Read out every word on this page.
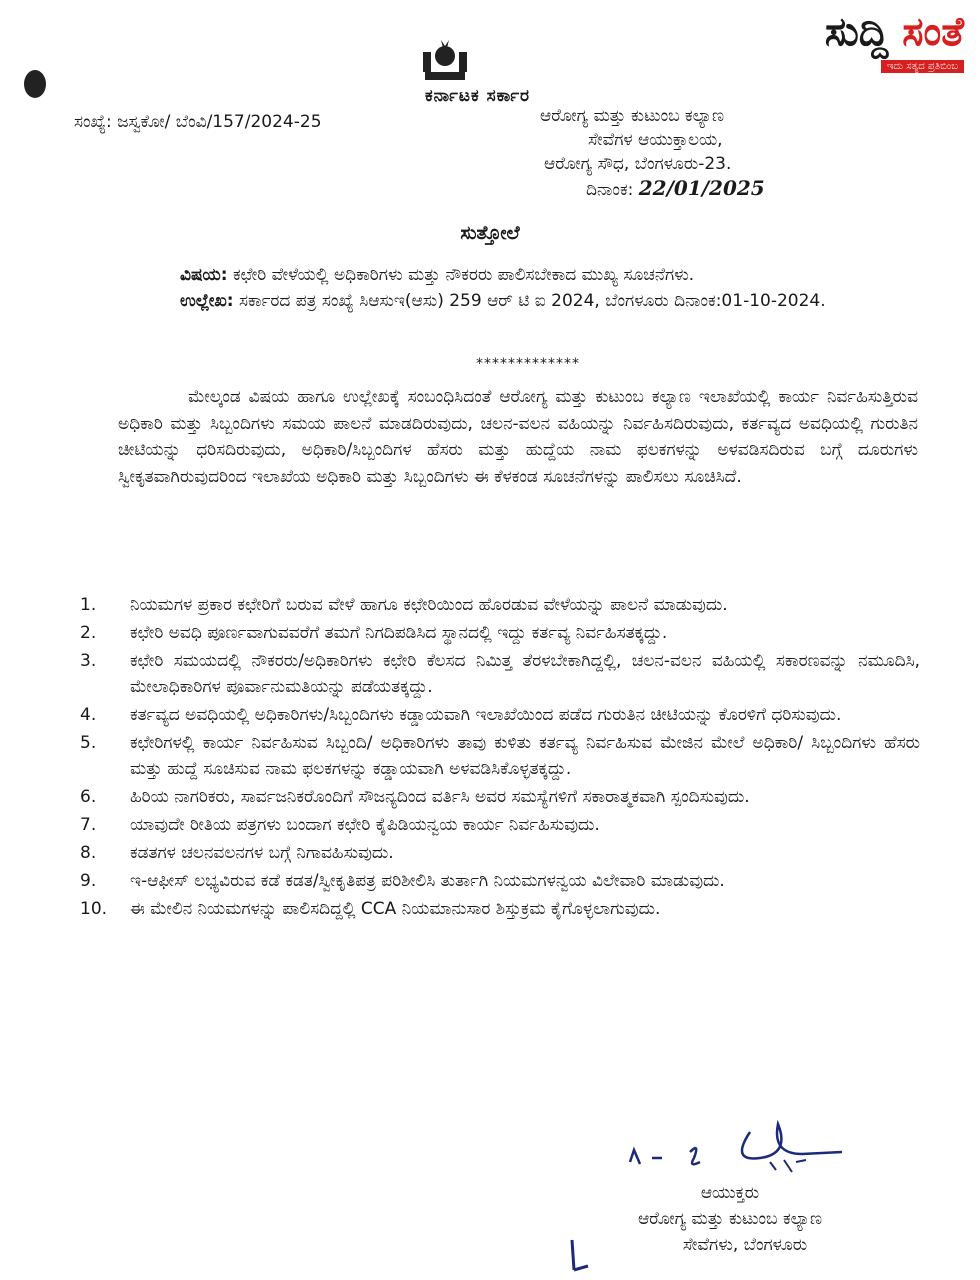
ಕರ್ನಾಟಕ ಸರ್ಕಾರ
ಸುದ್ದಿ ಸಂತೆ
ಇದು ಸತ್ಯದ ಪ್ರತಿಬಿಂಬ
ಸಂಖ್ಯೆ: ಜಸ್ವಕೋ/ ಬೆಂವಿ/157/2024-25	ಆರೋಗ್ಯ ಮತ್ತು ಕುಟುಂಬ ಕಲ್ಯಾಣ
ಸೇವೆಗಳ ಆಯುಕ್ತಾಲಯ,
ಆರೋಗ್ಯ ಸೌಧ, ಬೆಂಗಳೂರು-23.
ದಿನಾಂಕ: 22/01/2025
ಸುತ್ತೋಲೆ
ವಿಷಯ: ಕಛೇರಿ ವೇಳೆಯಲ್ಲಿ ಅಧಿಕಾರಿಗಳು ಮತ್ತು ನೌಕರರು ಪಾಲಿಸಬೇಕಾದ ಮುಖ್ಯ ಸೂಚನೆಗಳು.
ಉಲ್ಲೇಖ: ಸರ್ಕಾರದ ಪತ್ರ ಸಂಖ್ಯೆ ಸಿಆಸುಇ(ಆಸು) 259 ಆರ್ ಟಿ ಐ 2024, ಬೆಂಗಳೂರು ದಿನಾಂಕ:01-10-2024.
*************
ಮೇಲ್ಕಂಡ ವಿಷಯ ಹಾಗೂ ಉಲ್ಲೇಖಕ್ಕೆ ಸಂಬಂಧಿಸಿದಂತೆ ಆರೋಗ್ಯ ಮತ್ತು ಕುಟುಂಬ ಕಲ್ಯಾಣ ಇಲಾಖೆಯಲ್ಲಿ ಕಾರ್ಯ ನಿರ್ವಹಿಸುತ್ತಿರುವ ಅಧಿಕಾರಿ ಮತ್ತು ಸಿಬ್ಬಂದಿಗಳು ಸಮಯ ಪಾಲನೆ ಮಾಡದಿರುವುದು, ಚಲನ-ವಲನ ವಹಿಯನ್ನು ನಿರ್ವಹಿಸದಿರುವುದು, ಕರ್ತವ್ಯದ ಅವಧಿಯಲ್ಲಿ ಗುರುತಿನ ಚೀಟಿಯನ್ನು ಧರಿಸದಿರುವುದು, ಅಧಿಕಾರಿ/ಸಿಬ್ಬಂದಿಗಳ ಹೆಸರು ಮತ್ತು ಹುದ್ದೆಯ ನಾಮ ಫಲಕಗಳನ್ನು ಅಳವಡಿಸದಿರುವ ಬಗ್ಗೆ ದೂರುಗಳು ಸ್ವೀಕೃತವಾಗಿರುವುದರಿಂದ ಇಲಾಖೆಯ ಅಧಿಕಾರಿ ಮತ್ತು ಸಿಬ್ಬಂದಿಗಳು ಈ ಕೆಳಕಂಡ ಸೂಚನೆಗಳನ್ನು ಪಾಲಿಸಲು ಸೂಚಿಸಿದೆ.
1.	ನಿಯಮಗಳ ಪ್ರಕಾರ ಕಛೇರಿಗೆ ಬರುವ ವೇಳೆ ಹಾಗೂ ಕಛೇರಿಯಿಂದ ಹೊರಡುವ ವೇಳೆಯನ್ನು ಪಾಲನೆ ಮಾಡುವುದು.
2.	ಕಛೇರಿ ಅವಧಿ ಪೂರ್ಣವಾಗುವವರೆಗೆ ತಮಗೆ ನಿಗದಿಪಡಿಸಿದ ಸ್ಥಾನದಲ್ಲಿ ಇದ್ದು ಕರ್ತವ್ಯ ನಿರ್ವಹಿಸತಕ್ಕದ್ದು.
3.	ಕಛೇರಿ ಸಮಯದಲ್ಲಿ ನೌಕರರು/ಅಧಿಕಾರಿಗಳು ಕಛೇರಿ ಕೆಲಸದ ನಿಮಿತ್ತ ತೆರಳಬೇಕಾಗಿದ್ದಲ್ಲಿ, ಚಲನ-ವಲನ ವಹಿಯಲ್ಲಿ ಸಕಾರಣವನ್ನು ನಮೂದಿಸಿ, ಮೇಲಾಧಿಕಾರಿಗಳ ಪೂರ್ವಾನುಮತಿಯನ್ನು ಪಡೆಯತಕ್ಕದ್ದು.
4.	ಕರ್ತವ್ಯದ ಅವಧಿಯಲ್ಲಿ ಅಧಿಕಾರಿಗಳು/ಸಿಬ್ಬಂದಿಗಳು ಕಡ್ಡಾಯವಾಗಿ ಇಲಾಖೆಯಿಂದ ಪಡೆದ ಗುರುತಿನ ಚೀಟಿಯನ್ನು ಕೊರಳಿಗೆ ಧರಿಸುವುದು.
5.	ಕಛೇರಿಗಳಲ್ಲಿ ಕಾರ್ಯ ನಿರ್ವಹಿಸುವ ಸಿಬ್ಬಂದಿ/ ಅಧಿಕಾರಿಗಳು ತಾವು ಕುಳಿತು ಕರ್ತವ್ಯ ನಿರ್ವಹಿಸುವ ಮೇಜಿನ ಮೇಲೆ ಅಧಿಕಾರಿ/ ಸಿಬ್ಬಂದಿಗಳು ಹೆಸರು ಮತ್ತು ಹುದ್ದೆ ಸೂಚಿಸುವ ನಾಮ ಫಲಕಗಳನ್ನು ಕಡ್ಡಾಯವಾಗಿ ಅಳವಡಿಸಿಕೊಳ್ಳತಕ್ಕದ್ದು.
6.	ಹಿರಿಯ ನಾಗರಿಕರು, ಸಾರ್ವಜನಿಕರೊಂದಿಗೆ ಸೌಜನ್ಯದಿಂದ ವರ್ತಿಸಿ ಅವರ ಸಮಸ್ಯೆಗಳಿಗೆ ಸಕಾರಾತ್ಮಕವಾಗಿ ಸ್ಪಂದಿಸುವುದು.
7.	ಯಾವುದೇ ರೀತಿಯ ಪತ್ರಗಳು ಬಂದಾಗ ಕಛೇರಿ ಕೈಪಿಡಿಯನ್ವಯ ಕಾರ್ಯ ನಿರ್ವಹಿಸುವುದು.
8.	ಕಡತಗಳ ಚಲನವಲನಗಳ ಬಗ್ಗೆ ನಿಗಾವಹಿಸುವುದು.
9.	ಇ-ಆಫೀಸ್ ಲಭ್ಯವಿರುವ ಕಡೆ ಕಡತ/ಸ್ವೀಕೃತಿಪತ್ರ ಪರಿಶೀಲಿಸಿ ತುರ್ತಾಗಿ ನಿಯಮಗಳನ್ವಯ ವಿಲೇವಾರಿ ಮಾಡುವುದು.
10.	ಈ ಮೇಲಿನ ನಿಯಮಗಳನ್ನು ಪಾಲಿಸದಿದ್ದಲ್ಲಿ CCA ನಿಯಮಾನುಸಾರ ಶಿಸ್ತುಕ್ರಮ ಕೈಗೊಳ್ಳಲಾಗುವುದು.
ಆಯುಕ್ತರು
ಆರೋಗ್ಯ ಮತ್ತು ಕುಟುಂಬ ಕಲ್ಯಾಣ
ಸೇವೆಗಳು, ಬೆಂಗಳೂರು
